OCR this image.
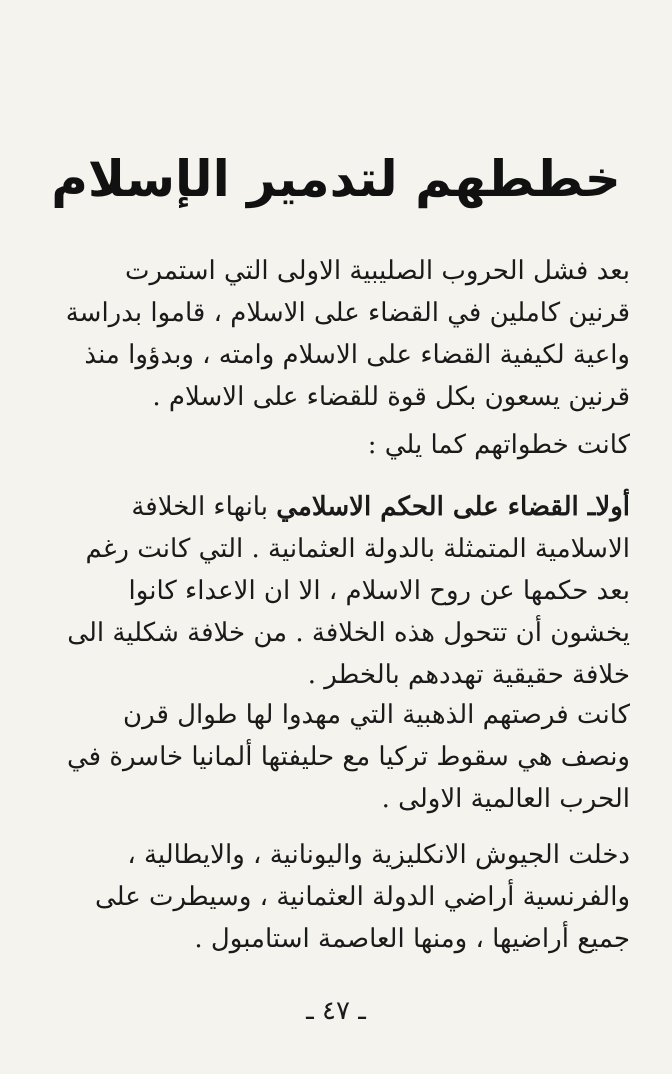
خططهم لتدمير الإسلام
بعد فشل الحروب الصليبية الاولى التي استمرت
قرنين كاملين في القضاء على الاسلام ، قاموا بدراسة
واعية لكيفية القضاء على الاسلام وامته ، وبدؤوا منذ
قرنين يسعون بكل قوة للقضاء على الاسلام .
كانت خطواتهم كما يلي :
أولاـ القضاء على الحكم الاسلامي بانهاء الخلافة
الاسلامية المتمثلة بالدولة العثمانية . التي كانت رغم
بعد حكمها عن روح الاسلام ، الا ان الاعداء كانوا
يخشون أن تتحول هذه الخلافة . من خلافة شكلية الى
خلافة حقيقية تهددهم بالخطر .
كانت فرصتهم الذهبية التي مهدوا لها طوال قرن
ونصف هي سقوط تركيا مع حليفتها ألمانيا خاسرة في
الحرب العالمية الاولى .
دخلت الجيوش الانكليزية واليونانية ، والايطالية ،
والفرنسية أراضي الدولة العثمانية ، وسيطرت على
جميع أراضيها ، ومنها العاصمة استامبول .
ـ ٤٧ ـ
